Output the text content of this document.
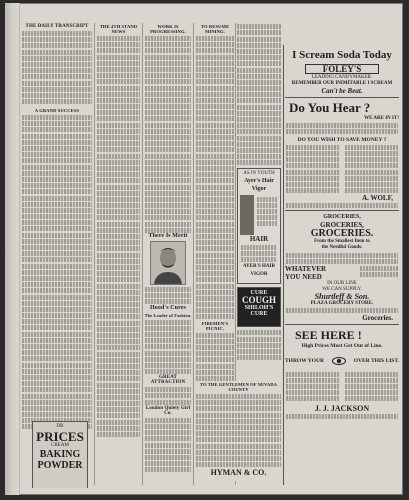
THE DAILY TRANSCRIPT
A GRAND SUCCESS
DR
PRICES
CREAM
BAKING
POWDER
THE 4TH STAND NEWS
WORK IS PROGRESSING.
There Is Merit
Hood's Cures
The Leader of Fashion.
GREAT ATTRACTION
Loudon Quiety Girl Co.
TO RESUME MINING.
FIREMEN'S PICNIC.
AS IN YOUTH
Ayer's Hair Vigor
HAIR
AYER'S HAIR VIGOR
CURE
COUGH
SHILOH'S CURE
TO THE GENTLEMEN OF NEVADA COUNTY
HYMAN & CO.
I Scream Soda Today
FOLEY'S
LEADING CANDYMAKER.
REMEMBER OUR INIMITABLE I SCREAM
Can't be Beat.
Do You Hear ?
WE ARE IN IT!
DO YOU WISH TO SAVE MONEY ?
A. WOLF,
GROCERIES,
GROCERIES,
GROCERIES.
From the Smallest Item to
the Needful Goods.
WHATEVER
YOU NEED
IN OUR LINE
WE CAN SUPPLY.
Shurtleff & Son.
PLAZA GROCERY STORE.
Groceries.
SEE HERE !
High Prices Must Get Out of Line.
THROW YOUR	OVER THIS LIST.
J. J. JACKSON
